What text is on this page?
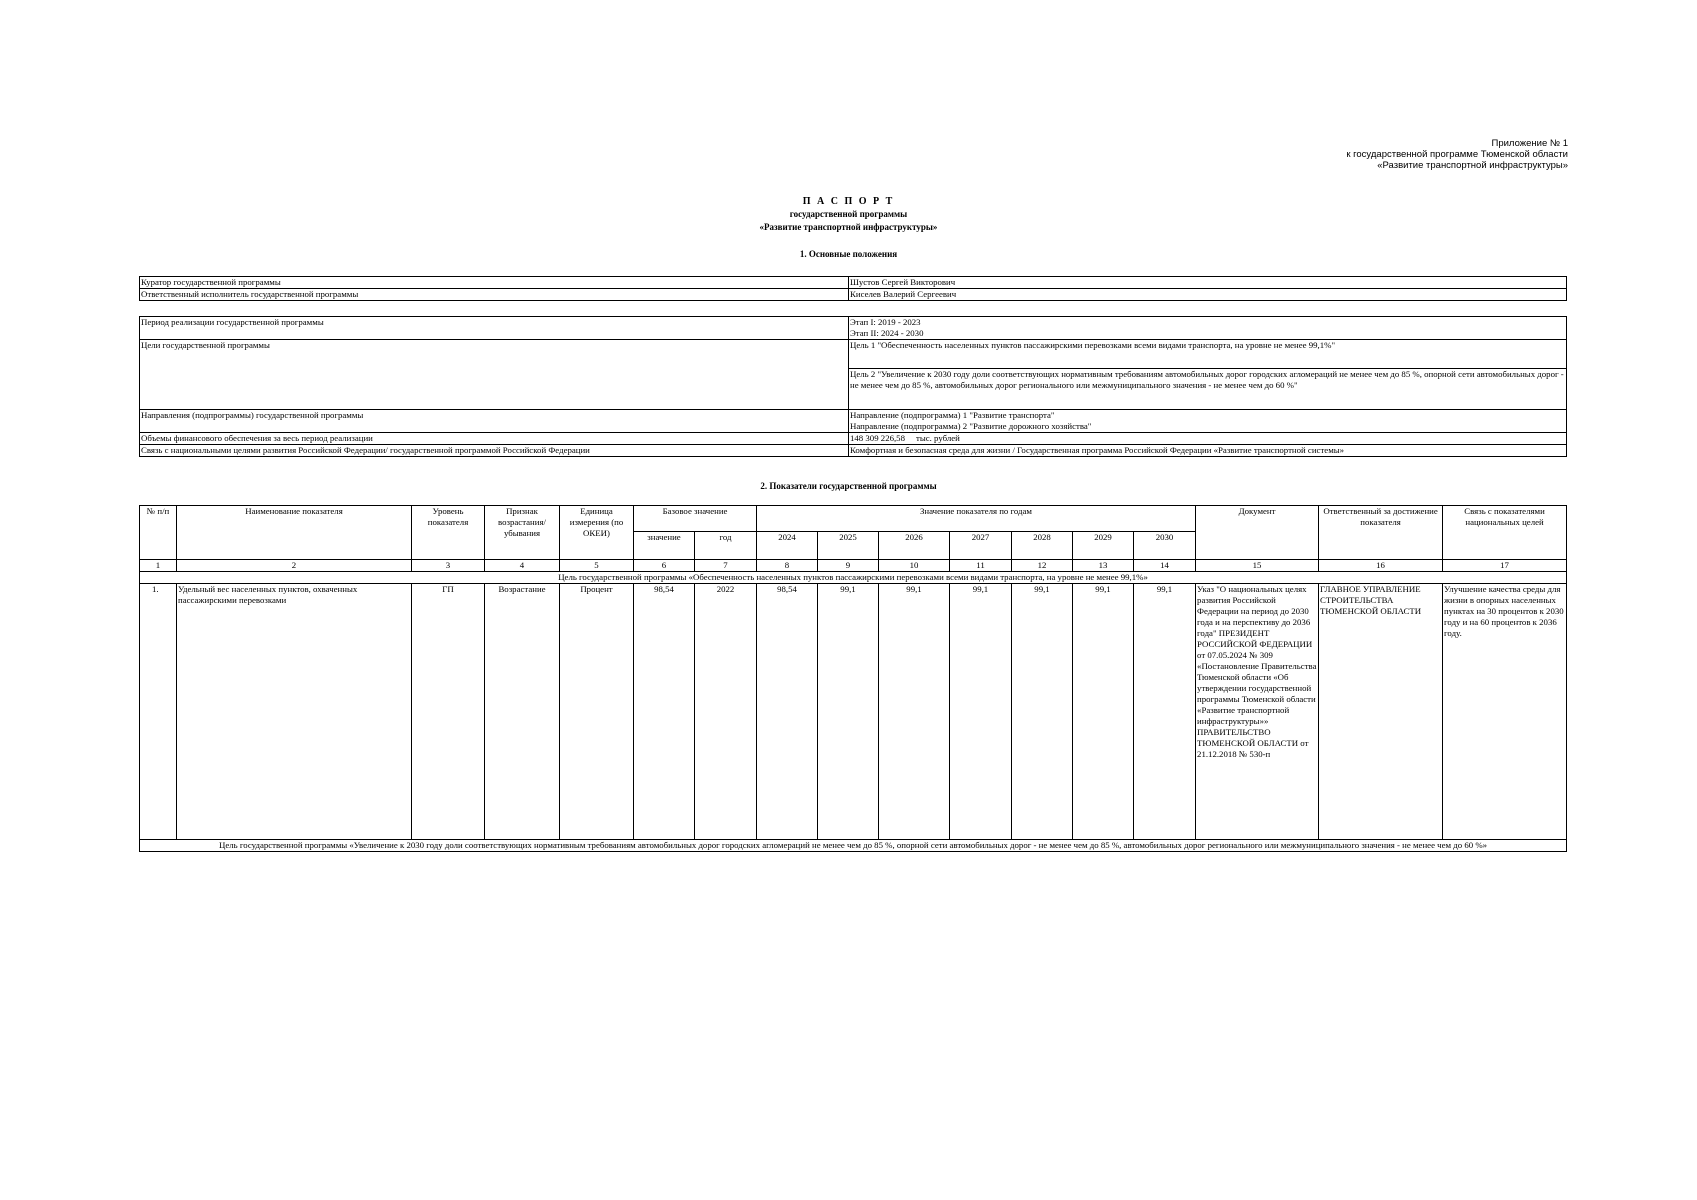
Приложение № 1
к государственной программе Тюменской области
«Развитие транспортной инфраструктуры»
П А С П О Р Т
государственной программы
«Развитие транспортной инфраструктуры»
1. Основные положения
Куратор государственной программы	Шустов Сергей Викторович
Ответственный исполнитель государственной программы	Киселев Валерий Сергеевич
Период реализации государственной программы	Этап I: 2019 - 2023
Этап II: 2024 - 2030

Цели государственной программы	Цель 1 "Обеспеченность населенных пунктов пассажирскими перевозками всеми видами транспорта, на уровне не менее 99,1%"
Цель 2 "Увеличение к 2030 году доли соответствующих нормативным требованиям автомобильных дорог городских агломераций не менее чем до 85 %, опорной сети автомобильных дорог - не менее чем до 85 %, автомобильных дорог регионального или межмуниципального значения - не менее чем до 60 %"

Направления (подпрограммы) государственной программы	Направление (подпрограмма) 1 "Развитие транспорта"
Направление (подпрограмма) 2 "Развитие дорожного хозяйства"

Объемы финансового обеспечения за весь период реализации	148 309 226,58     тыс. рублей
Связь с национальными целями развития Российской Федерации/ государственной программой Российской Федерации	Комфортная и безопасная среда для жизни / Государственная программа Российской Федерации «Развитие транспортной системы»
2. Показатели государственной программы
№ п/п	Наименование показателя	Уровень показателя	Признак возрастания/ убывания	Единица измерения (по ОКЕИ)	Базовое значение		Значение показателя по годам							Документ	Ответственный за достижение показателя	Связь с показателями национальных целей
					значение	год	2024	2025	2026	2027	2028	2029	2030			
1	2	3	4	5	6	7	8	9	10	11	12	13	14	15	16	17
Цель государственной программы «Обеспеченность населенных пунктов пассажирскими перевозками всеми видами транспорта, на уровне не менее 99,1%»																
1.	Удельный вес населенных пунктов, охваченных пассажирскими перевозками	ГП	Возрастание	Процент	98,54	2022	98,54	99,1	99,1	99,1	99,1	99,1	99,1	Указ "О национальных целях развития Российской Федерации на период до 2030 года и на перспективу до 2036 года" ПРЕЗИДЕНТ РОССИЙСКОЙ ФЕДЕРАЦИИ от 07.05.2024 № 309 «Постановление Правительства Тюменской области «Об утверждении государственной программы Тюменской области «Развитие транспортной инфраструктуры»» ПРАВИТЕЛЬСТВО ТЮМЕНСКОЙ ОБЛАСТИ от 21.12.2018 № 530-п	ГЛАВНОЕ УПРАВЛЕНИЕ СТРОИТЕЛЬСТВА ТЮМЕНСКОЙ ОБЛАСТИ	Улучшение качества среды для жизни в опорных населенных пунктах на 30 процентов к 2030 году и на 60 процентов к 2036 году.
Цель государственной программы «Увеличение к 2030 году доли соответствующих нормативным требованиям автомобильных дорог городских агломераций не менее чем до 85 %, опорной сети автомобильных дорог - не менее чем до 85 %, автомобильных дорог регионального или межмуниципального значения - не менее чем до 60 %»																
